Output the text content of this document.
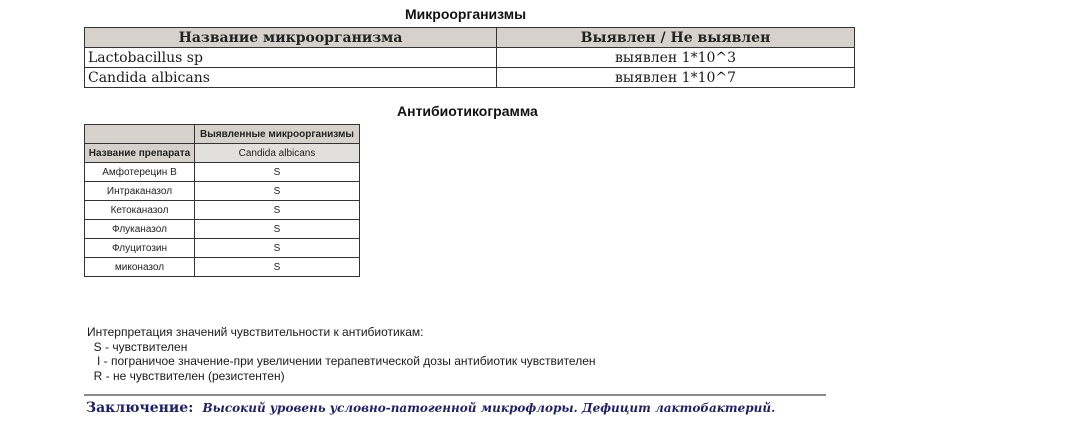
Микроорганизмы
Название микроорганизма	Выявлен / Не выявлен
Lactobacillus sp	выявлен 1*10^3
Candida albicans	выявлен 1*10^7
Антибиотикограмма
	Выявленные микроорганизмы
Название препарата	Candida albicans
Амфотерецин В	S
Интраканазол	S
Кетоканазол	S
Флуканазол	S
Флуцитозин	S
миконазол	S
Интерпретация значений чувствительности к антибиотикам:
S - чувствителен
I - пограничое значение-при увеличении терапевтической дозы антибиотик чувствителен
R - не чувствителен (резистентен)
Заключение: Высокий уровень условно-патогенной микрофлоры. Дефицит лактобактерий.
